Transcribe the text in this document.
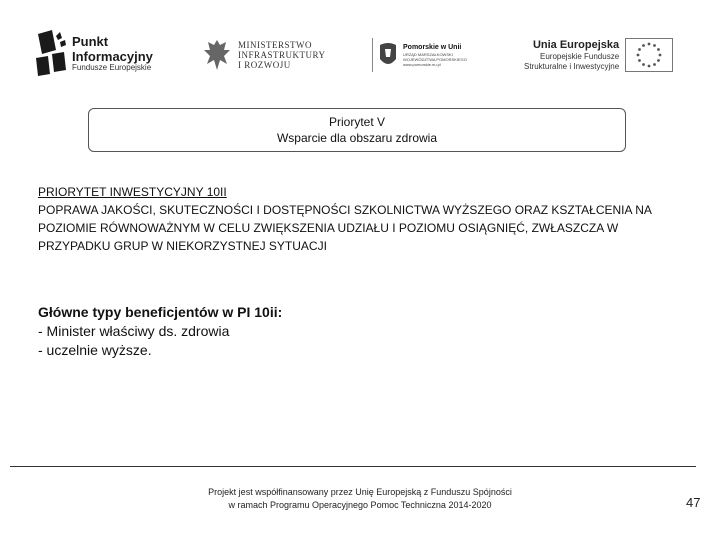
Punkt
Informacyjny
Fundusze Europejskie
MINISTERSTWO
INFRASTRUKTURY
I ROZWOJU
Pomorskie w Unii
URZĄD MARSZAŁKOWSKI
WOJEWÓDZTWA POMORSKIEGO
www.pomorskie.eu.pl
Unia Europejska
Europejskie Fundusze
Strukturalne i Inwestycyjne
Priorytet V
Wsparcie dla obszaru zdrowia
PRIORYTET INWESTYCYJNY 10II
POPRAWA JAKOŚCI, SKUTECZNOŚCI I DOSTĘPNOŚCI SZKOLNICTWA WYŻSZEGO ORAZ KSZTAŁCENIA NA POZIOMIE RÓWNOWAŻNYM W CELU ZWIĘKSZENIA UDZIAŁU I POZIOMU OSIĄGNIĘĆ, ZWŁASZCZA W PRZYPADKU GRUP W NIEKORZYSTNEJ SYTUACJI
Główne typy beneficjentów w PI 10ii:
- Minister właściwy ds. zdrowia
- uczelnie wyższe.
Projekt jest współfinansowany przez Unię Europejską z Funduszu Spójności
w ramach Programu Operacyjnego Pomoc Techniczna 2014-2020	47
